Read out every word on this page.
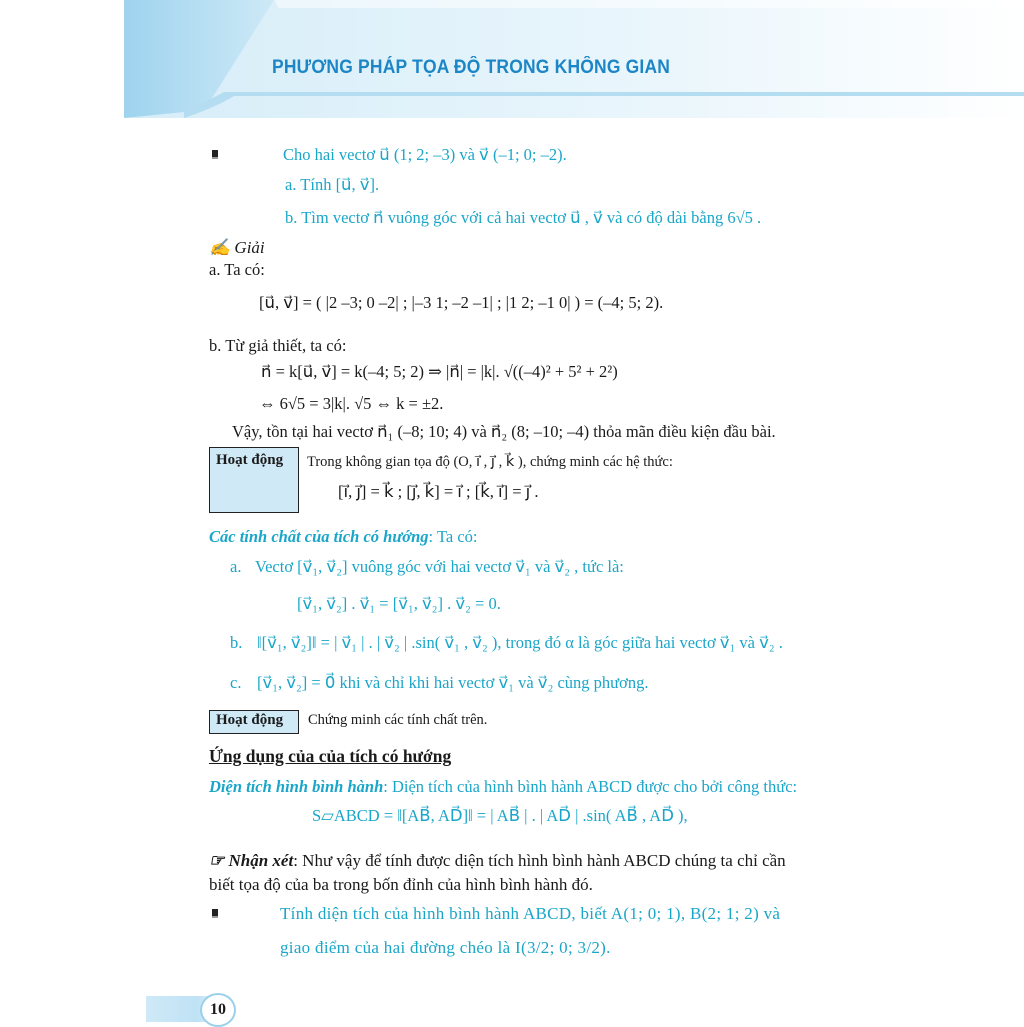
PHƯƠNG PHÁP TỌA ĐỘ TRONG KHÔNG GIAN
Cho hai vectơ u⃗ (1; 2; –3) và v⃗ (–1; 0; –2).
a. Tính [u⃗, v⃗].
b. Tìm vectơ n⃗ vuông góc với cả hai vectơ u⃗ , v⃗ và có độ dài bằng 6√5 .
✍ Giải
a. Ta có:
[u⃗, v⃗] = ( |2 –3; 0 –2| ; |–3 1; –2 –1| ; |1 2; –1 0| ) = (–4; 5; 2).
b. Từ giả thiết, ta có:
n⃗ = k[u⃗, v⃗] = k(–4; 5; 2) ⇒ |n⃗| = |k|. √((–4)² + 5² + 2²)
⇔ 6√5 = 3|k|. √5 ⇔ k = ±2.
Vậy, tồn tại hai vectơ n⃗₁ (–8; 10; 4) và n⃗₂ (8; –10; –4) thỏa mãn điều kiện đầu bài.
Hoạt động Trong không gian tọa độ (O, i⃗ , j⃗ , k⃗ ), chứng minh các hệ thức:
[i⃗, j⃗] = k⃗ ; [j⃗, k⃗] = i⃗ ; [k⃗, i⃗] = j⃗ .
Các tính chất của tích có hướng: Ta có:
a. Vectơ [v⃗₁, v⃗₂] vuông góc với hai vectơ v⃗₁ và v⃗₂ , tức là:
[v⃗₁, v⃗₂] . v⃗₁ = [v⃗₁, v⃗₂] . v⃗₂ = 0.
b. ‖[v⃗₁, v⃗₂]‖ = | v⃗₁ | . | v⃗₂ | .sin( v⃗₁ , v⃗₂ ), trong đó α là góc giữa hai vectơ v⃗₁ và v⃗₂ .
c. [v⃗₁, v⃗₂] = 0⃗ khi và chỉ khi hai vectơ v⃗₁ và v⃗₂ cùng phương.
Hoạt động Chứng minh các tính chất trên.
Ứng dụng của của tích có hướng
Diện tích hình bình hành: Diện tích của hình bình hành ABCD được cho bởi công thức:
S▱ABCD = ‖[AB⃗, AD⃗]‖ = | AB⃗ | . | AD⃗ | .sin( AB⃗ , AD⃗ ),
☞ Nhận xét: Như vậy để tính được diện tích hình bình hành ABCD chúng ta chỉ cần
biết tọa độ của ba trong bốn đỉnh của hình bình hành đó.
Tính diện tích của hình bình hành ABCD, biết A(1; 0; 1), B(2; 1; 2) và
giao điểm của hai đường chéo là I(3/2; 0; 3/2).
10
